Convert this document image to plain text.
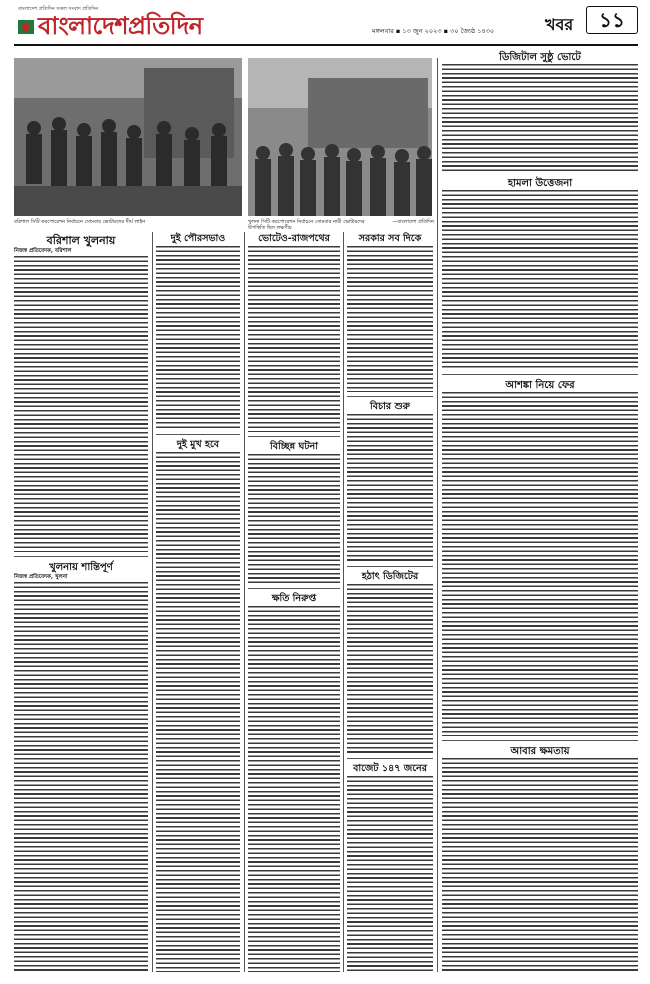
বাংলাদেশ প্রতিদিন সকল সংবাদ প্রতিদিন
বাংলাদেশপ্রতিদিন	মঙ্গলবার ▪ ১৩ জুন ২০২৩ ▪ ৩০ জ্যৈষ্ঠ ১৪৩০	খবর	১১
বরিশাল সিটি করপোরেশন নির্বাচনে সোমবার ভোটারদের দীর্ঘ লাইন	খুলনা সিটি করপোরেশন নির্বাচনে সোমবার নারী ভোটারদের উপস্থিতি ছিল লক্ষণীয়
—বাংলাদেশ প্রতিদিন
ডিজিটাল সুষ্ঠু ভোটে
হামলা উত্তেজনা
আশঙ্কা নিয়ে ফের
আবার ক্ষমতায়
বরিশাল খুলনায়
নিজস্ব প্রতিবেদক, বরিশাল
খুলনায় শান্তিপূর্ণ
নিজস্ব প্রতিবেদক, খুলনা
দুই পৌরসভাও
দুই মুখ হবে
ভোটেও-রাজপথের
বিচ্ছিন্ন ঘটনা
ক্ষতি নিরুপ্ত
সরকার সব দিকে
বিচার শুরু
হঠাৎ ডিজিটের
বাজেট ১৪৭ জনের
